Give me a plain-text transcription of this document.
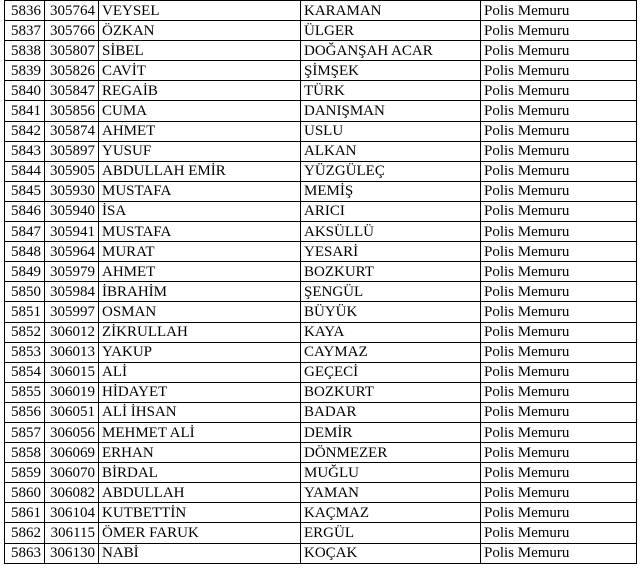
5836	305764	VEYSEL	KARAMAN	Polis Memuru
5837	305766	ÖZKAN	ÜLGER	Polis Memuru
5838	305807	SİBEL	DOĞANŞAH ACAR	Polis Memuru
5839	305826	CAVİT	ŞİMŞEK	Polis Memuru
5840	305847	REGAİB	TÜRK	Polis Memuru
5841	305856	CUMA	DANIŞMAN	Polis Memuru
5842	305874	AHMET	USLU	Polis Memuru
5843	305897	YUSUF	ALKAN	Polis Memuru
5844	305905	ABDULLAH EMİR	YÜZGÜLEÇ	Polis Memuru
5845	305930	MUSTAFA	MEMİŞ	Polis Memuru
5846	305940	İSA	ARICI	Polis Memuru
5847	305941	MUSTAFA	AKSÜLLÜ	Polis Memuru
5848	305964	MURAT	YESARİ	Polis Memuru
5849	305979	AHMET	BOZKURT	Polis Memuru
5850	305984	İBRAHİM	ŞENGÜL	Polis Memuru
5851	305997	OSMAN	BÜYÜK	Polis Memuru
5852	306012	ZİKRULLAH	KAYA	Polis Memuru
5853	306013	YAKUP	CAYMAZ	Polis Memuru
5854	306015	ALİ	GEÇECİ	Polis Memuru
5855	306019	HİDAYET	BOZKURT	Polis Memuru
5856	306051	ALİ İHSAN	BADAR	Polis Memuru
5857	306056	MEHMET ALİ	DEMİR	Polis Memuru
5858	306069	ERHAN	DÖNMEZER	Polis Memuru
5859	306070	BİRDAL	MUĞLU	Polis Memuru
5860	306082	ABDULLAH	YAMAN	Polis Memuru
5861	306104	KUTBETTİN	KAÇMAZ	Polis Memuru
5862	306115	ÖMER FARUK	ERGÜL	Polis Memuru
5863	306130	NABİ	KOÇAK	Polis Memuru
